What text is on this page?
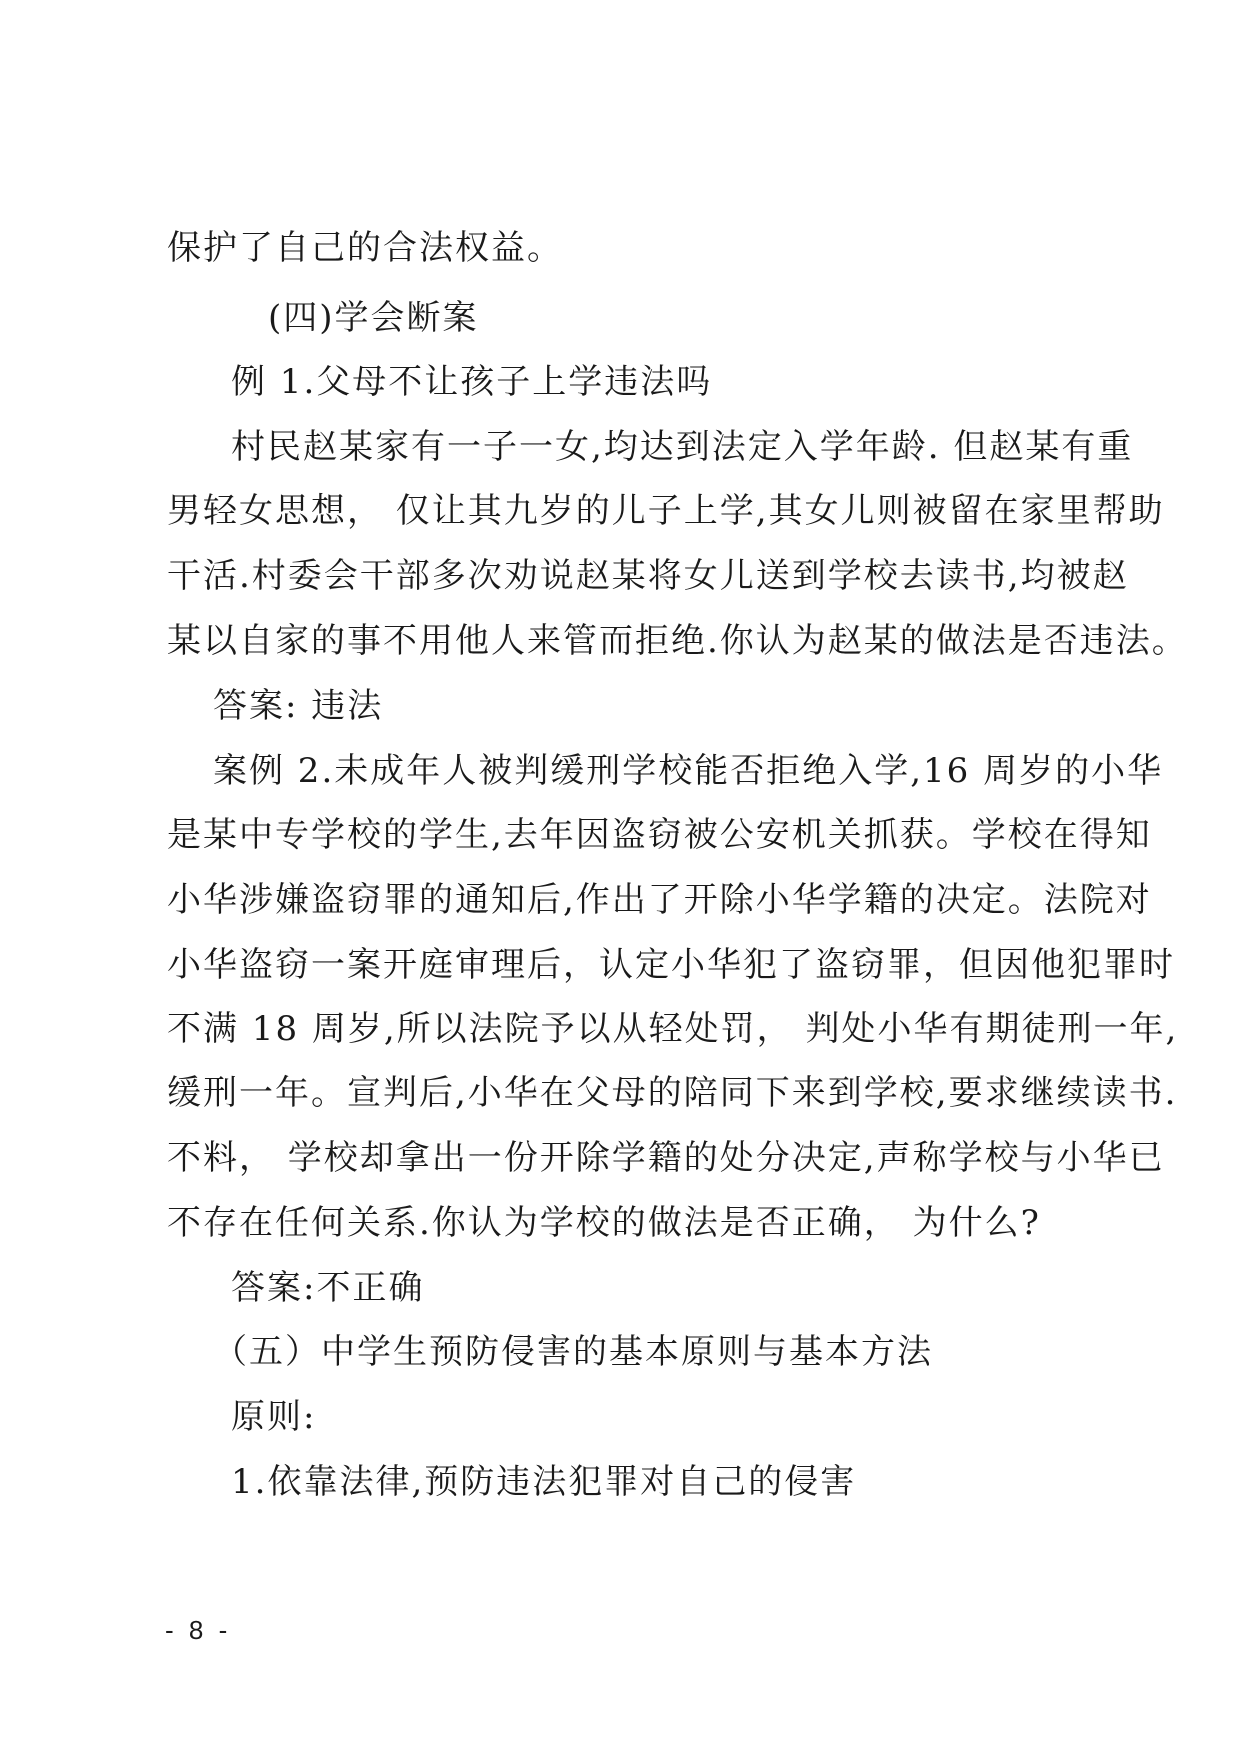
保护了自己的合法权益。
(四)学会断案
例 1.父母不让孩子上学违法吗
村民赵某家有一子一女,均达到法定入学年龄. 但赵某有重
男轻女思想， 仅让其九岁的儿子上学,其女儿则被留在家里帮助
干活.村委会干部多次劝说赵某将女儿送到学校去读书,均被赵
某以自家的事不用他人来管而拒绝.你认为赵某的做法是否违法。
答案: 违法
案例 2.未成年人被判缓刑学校能否拒绝入学,16 周岁的小华
是某中专学校的学生,去年因盗窃被公安机关抓获。学校在得知
小华涉嫌盗窃罪的通知后,作出了开除小华学籍的决定。法院对
小华盗窃一案开庭审理后，认定小华犯了盗窃罪，但因他犯罪时
不满 18 周岁,所以法院予以从轻处罚， 判处小华有期徒刑一年,
缓刑一年。宣判后,小华在父母的陪同下来到学校,要求继续读书.
不料， 学校却拿出一份开除学籍的处分决定,声称学校与小华已
不存在任何关系.你认为学校的做法是否正确， 为什么?
答案:不正确
（五）中学生预防侵害的基本原则与基本方法
原则:
1.依靠法律,预防违法犯罪对自己的侵害
- 8 -
